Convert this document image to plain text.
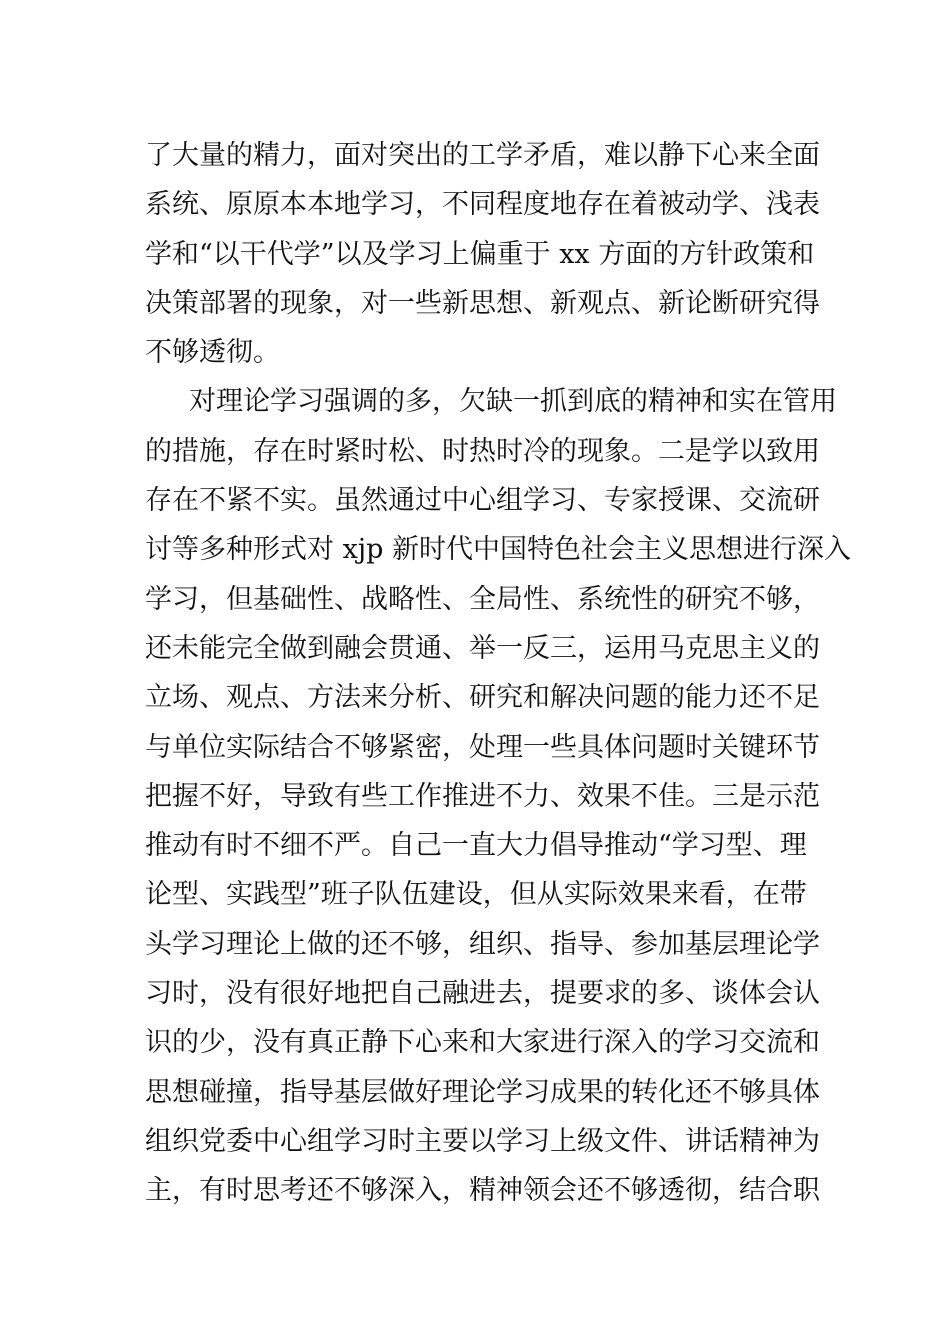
了大量的精力，面对突出的工学矛盾，难以静下心来全面
系统、原原本本地学习，不同程度地存在着被动学、浅表
学和“以干代学”以及学习上偏重于 xx 方面的方针政策和
决策部署的现象，对一些新思想、新观点、新论断研究得
不够透彻。
对理论学习强调的多，欠缺一抓到底的精神和实在管用
的措施，存在时紧时松、时热时冷的现象。二是学以致用
存在不紧不实。虽然通过中心组学习、专家授课、交流研
讨等多种形式对 xjp 新时代中国特色社会主义思想进行深入
学习，但基础性、战略性、全局性、系统性的研究不够，
还未能完全做到融会贯通、举一反三，运用马克思主义的
立场、观点、方法来分析、研究和解决问题的能力还不足
与单位实际结合不够紧密，处理一些具体问题时关键环节
把握不好，导致有些工作推进不力、效果不佳。三是示范
推动有时不细不严。自己一直大力倡导推动“学习型、理
论型、实践型”班子队伍建设，但从实际效果来看，在带
头学习理论上做的还不够，组织、指导、参加基层理论学
习时，没有很好地把自己融进去，提要求的多、谈体会认
识的少，没有真正静下心来和大家进行深入的学习交流和
思想碰撞，指导基层做好理论学习成果的转化还不够具体
组织党委中心组学习时主要以学习上级文件、讲话精神为
主，有时思考还不够深入，精神领会还不够透彻，结合职
